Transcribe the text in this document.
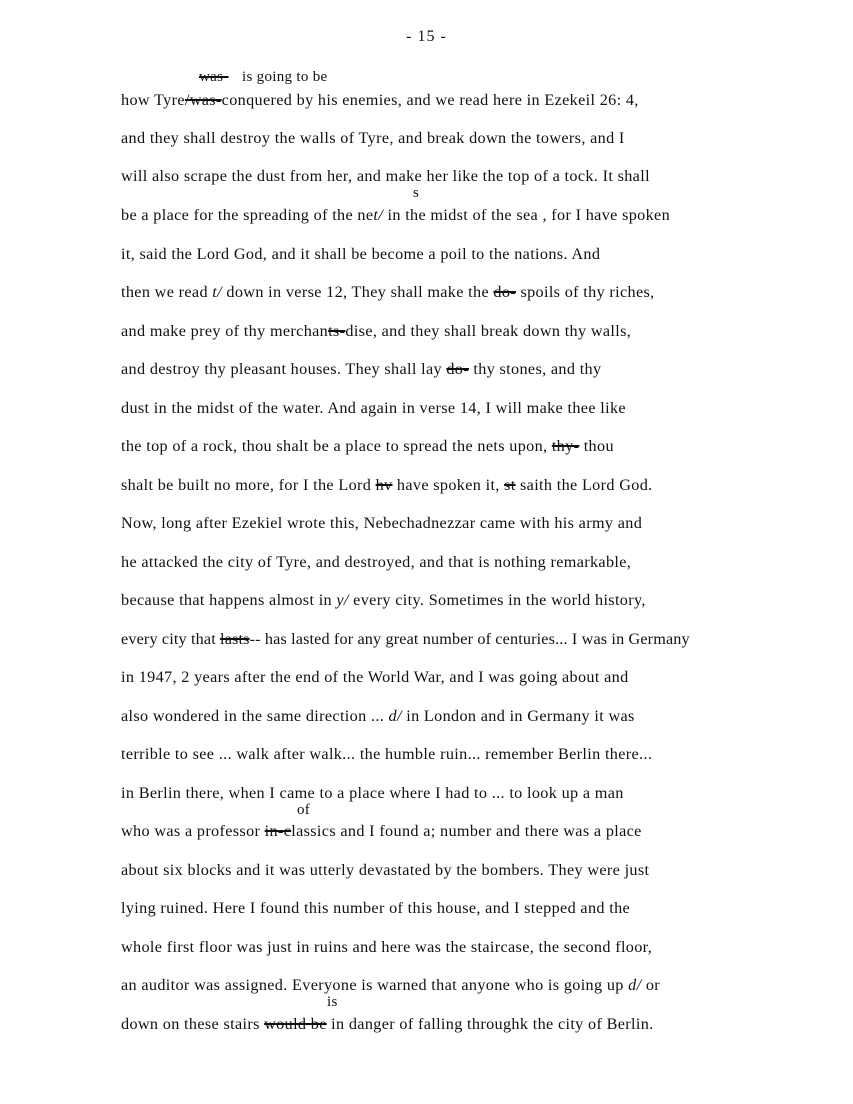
- 15 -
was- is going to be
s
of
is
how Tyre/was-conquered by his enemies, and we read here in Ezekeil 26: 4,
and they shall destroy the walls of Tyre, and break down the towers, and I
will also scrape the dust from her, and make her like the top of a tock. It shall
be a place for the spreading of the net/ in the midst of the sea , for I have spoken
it, said the Lord God, and it shall be become a poil to the nations. And
then we read t/ down in verse 12, They shall make the do- spoils of thy riches,
and make prey of thy merchants-dise, and they shall break down thy walls,
and destroy thy pleasant houses. They shall lay do- thy stones, and thy
dust in the midst of the water. And again in verse 14, I will make thee like
the top of a rock, thou shalt be a place to spread the nets upon, thy- thou
shalt be built no more, for I the Lord hv have spoken it, st saith the Lord God.
Now, long after Ezekiel wrote this, Nebechadnezzar came with his army and
he attacked the city of Tyre, and destroyed, and that is nothing remarkable,
because that happens almost in y/ every city. Sometimes in the world history,
every city that lasts-- has lasted for any great number of centuries... I was in Germany
in 1947, 2 years after the end of the World War, and I was going about and
also wondered in the same direction ... d/ in London and in Germany it was
terrible to see ... walk after walk... the humble ruin... remember Berlin there...
in Berlin there, when I came to a place where I had to ... to look up a man
who was a professor in-classics and I found a; number and there was a place
about six blocks and it was utterly devastated by the bombers. They were just
lying ruined. Here I found this number of this house, and I stepped and the
whole first floor was just in ruins and here was the staircase, the second floor,
an auditor was assigned. Everyone is warned that anyone who is going up d/ or
down on these stairs would be in danger of falling throughk the city of Berlin.
